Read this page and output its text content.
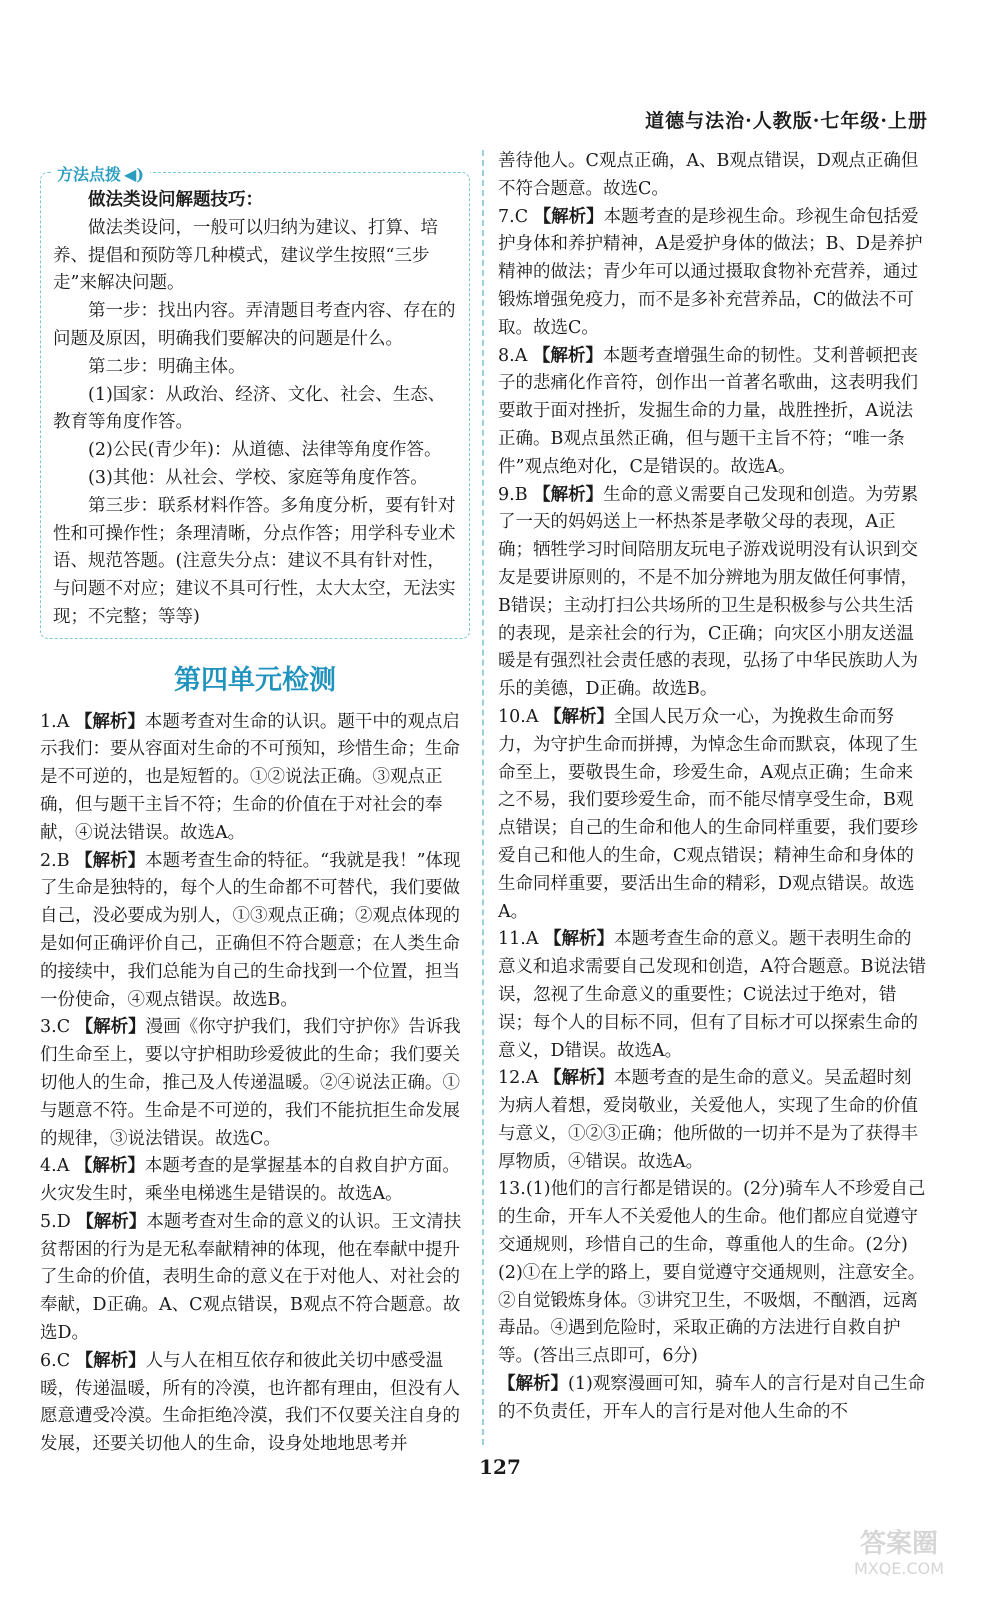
道德与法治·人教版·七年级·上册
方法点拨 ◀)
做法类设问解题技巧：
做法类设问，一般可以归纳为建议、打算、培养、提倡和预防等几种模式，建议学生按照“三步走”来解决问题。
第一步：找出内容。弄清题目考查内容、存在的问题及原因，明确我们要解决的问题是什么。
第二步：明确主体。
(1)国家：从政治、经济、文化、社会、生态、教育等角度作答。
(2)公民(青少年)：从道德、法律等角度作答。
(3)其他：从社会、学校、家庭等角度作答。
第三步：联系材料作答。多角度分析，要有针对性和可操作性；条理清晰，分点作答；用学科专业术语、规范答题。(注意失分点：建议不具有针对性，与问题不对应；建议不具可行性，太大太空，无法实现；不完整；等等)
第四单元检测

1.A 【解析】本题考查对生命的认识。题干中的观点启示我们：要从容面对生命的不可预知，珍惜生命；生命是不可逆的，也是短暂的。①②说法正确。③观点正确，但与题干主旨不符；生命的价值在于对社会的奉献，④说法错误。故选A。

2.B 【解析】本题考查生命的特征。“我就是我！”体现了生命是独特的，每个人的生命都不可替代，我们要做自己，没必要成为别人，①③观点正确；②观点体现的是如何正确评价自己，正确但不符合题意；在人类生命的接续中，我们总能为自己的生命找到一个位置，担当一份使命，④观点错误。故选B。

3.C 【解析】漫画《你守护我们，我们守护你》告诉我们生命至上，要以守护相助珍爱彼此的生命；我们要关切他人的生命，推己及人传递温暖。②④说法正确。①与题意不符。生命是不可逆的，我们不能抗拒生命发展的规律，③说法错误。故选C。

4.A 【解析】本题考查的是掌握基本的自救自护方面。火灾发生时，乘坐电梯逃生是错误的。故选A。

5.D 【解析】本题考查对生命的意义的认识。王文清扶贫帮困的行为是无私奉献精神的体现，他在奉献中提升了生命的价值，表明生命的意义在于对他人、对社会的奉献，D正确。A、C观点错误，B观点不符合题意。故选D。

6.C 【解析】人与人在相互依存和彼此关切中感受温暖，传递温暖，所有的冷漠，也许都有理由，但没有人愿意遭受冷漠。生命拒绝冷漠，我们不仅要关注自身的发展，还要关切他人的生命，设身处地地思考并

善待他人。C观点正确，A、B观点错误，D观点正确但不符合题意。故选C。

7.C 【解析】本题考查的是珍视生命。珍视生命包括爱护身体和养护精神，A是爱护身体的做法；B、D是养护精神的做法；青少年可以通过摄取食物补充营养，通过锻炼增强免疫力，而不是多补充营养品，C的做法不可取。故选C。

8.A 【解析】本题考查增强生命的韧性。艾利普顿把丧子的悲痛化作音符，创作出一首著名歌曲，这表明我们要敢于面对挫折，发掘生命的力量，战胜挫折，A说法正确。B观点虽然正确，但与题干主旨不符；“唯一条件”观点绝对化，C是错误的。故选A。

9.B 【解析】生命的意义需要自己发现和创造。为劳累了一天的妈妈送上一杯热茶是孝敬父母的表现，A正确；牺牲学习时间陪朋友玩电子游戏说明没有认识到交友是要讲原则的，不是不加分辨地为朋友做任何事情，B错误；主动打扫公共场所的卫生是积极参与公共生活的表现，是亲社会的行为，C正确；向灾区小朋友送温暖是有强烈社会责任感的表现，弘扬了中华民族助人为乐的美德，D正确。故选B。

10.A 【解析】全国人民万众一心，为挽救生命而努力，为守护生命而拼搏，为悼念生命而默哀，体现了生命至上，要敬畏生命，珍爱生命，A观点正确；生命来之不易，我们要珍爱生命，而不能尽情享受生命，B观点错误；自己的生命和他人的生命同样重要，我们要珍爱自己和他人的生命，C观点错误；精神生命和身体的生命同样重要，要活出生命的精彩，D观点错误。故选A。

11.A 【解析】本题考查生命的意义。题干表明生命的意义和追求需要自己发现和创造，A符合题意。B说法错误，忽视了生命意义的重要性；C说法过于绝对，错误；每个人的目标不同，但有了目标才可以探索生命的意义，D错误。故选A。

12.A 【解析】本题考查的是生命的意义。吴孟超时刻为病人着想，爱岗敬业，关爱他人，实现了生命的价值与意义，①②③正确；他所做的一切并不是为了获得丰厚物质，④错误。故选A。

13.(1)他们的言行都是错误的。(2分)骑车人不珍爱自己的生命，开车人不关爱他人的生命。他们都应自觉遵守交通规则，珍惜自己的生命，尊重他人的生命。(2分)

(2)①在上学的路上，要自觉遵守交通规则，注意安全。②自觉锻炼身体。③讲究卫生，不吸烟，不酗酒，远离毒品。④遇到危险时，采取正确的方法进行自救自护等。(答出三点即可，6分)

【解析】(1)观察漫画可知，骑车人的言行是对自己生命的不负责任，开车人的言行是对他人生命的不

127
答案圈
MXQE.COM
